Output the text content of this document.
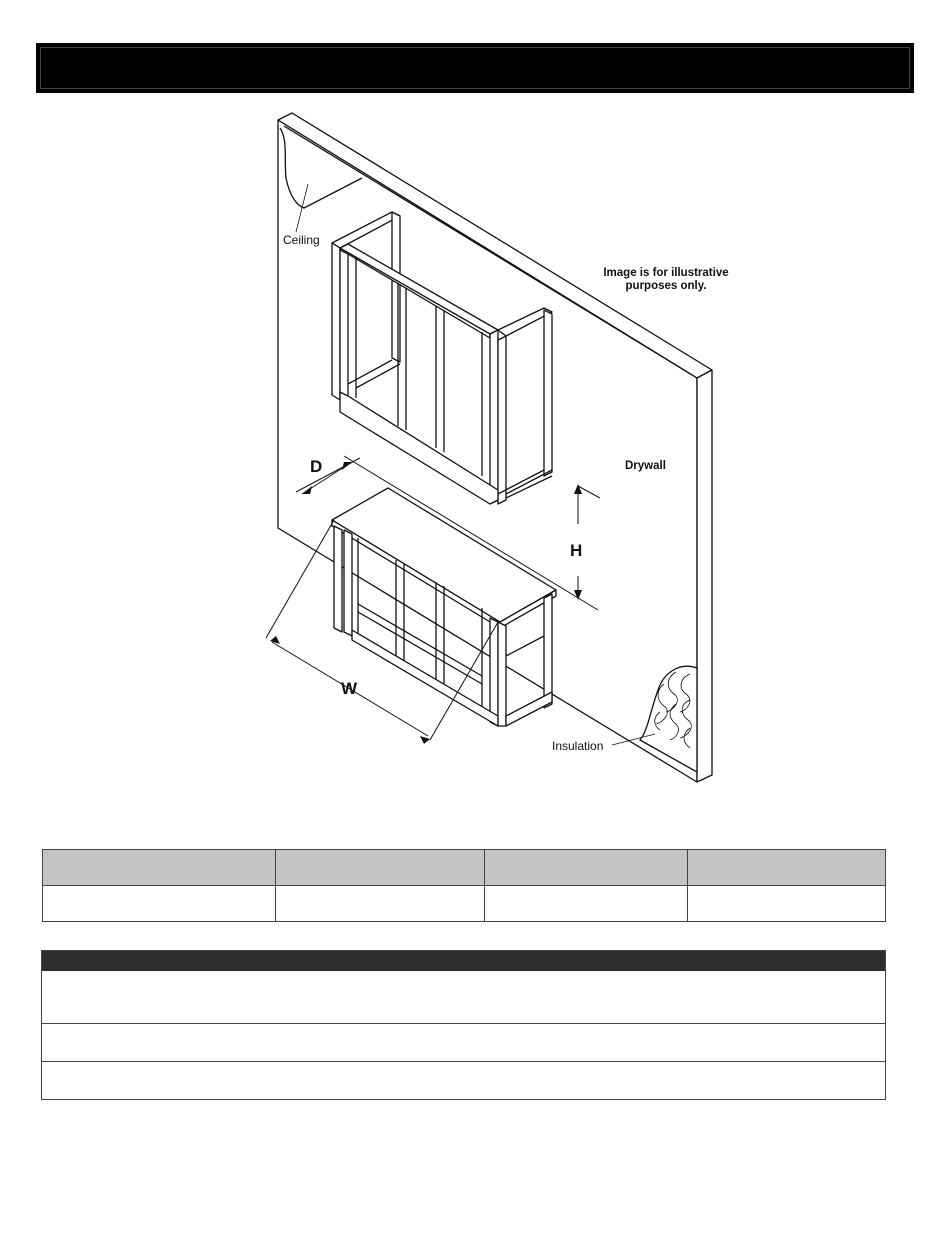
Ceiling
Image is for illustrative
purposes only.
Drywall
Insulation
D
H
W
